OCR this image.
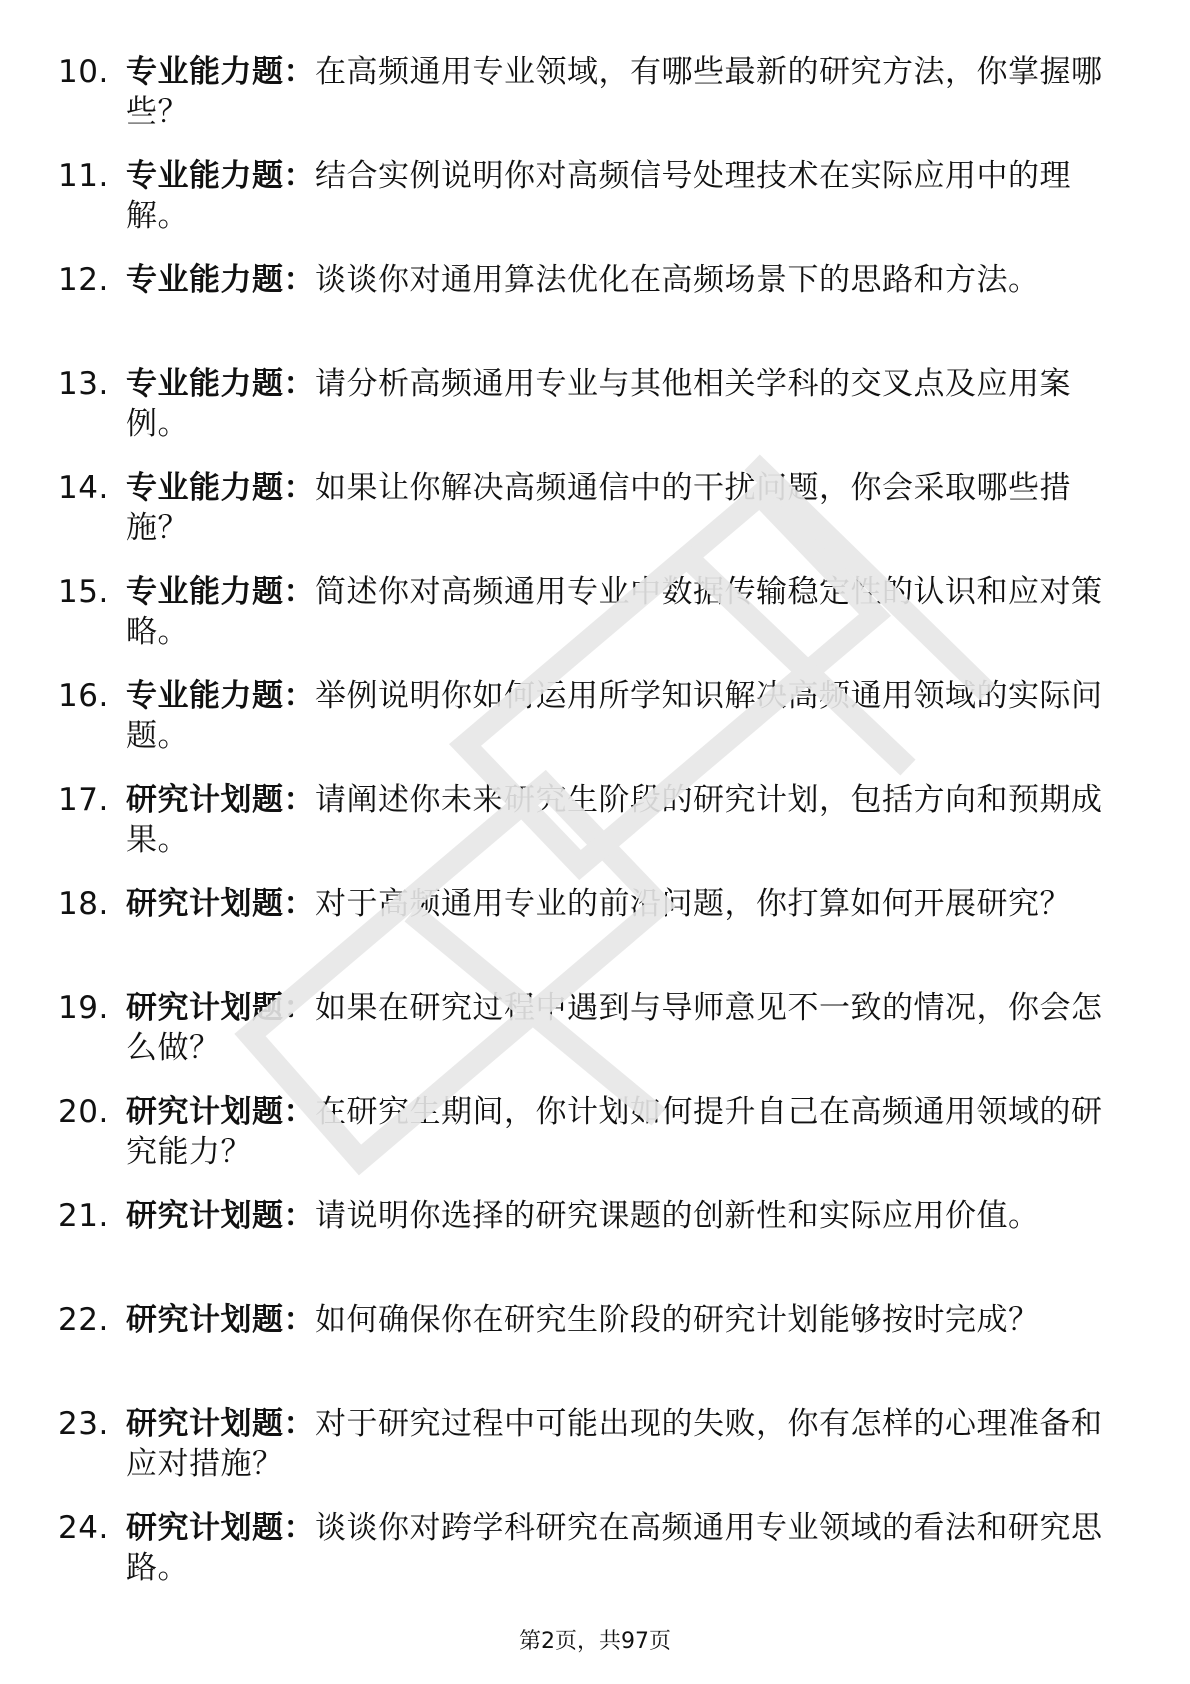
10. 专业能力题：在高频通用专业领域，有哪些最新的研究方法，你掌握哪些？
11. 专业能力题：结合实例说明你对高频信号处理技术在实际应用中的理解。
12. 专业能力题：谈谈你对通用算法优化在高频场景下的思路和方法。
13. 专业能力题：请分析高频通用专业与其他相关学科的交叉点及应用案例。
14. 专业能力题：如果让你解决高频通信中的干扰问题，你会采取哪些措施？
15. 专业能力题：简述你对高频通用专业中数据传输稳定性的认识和应对策略。
16. 专业能力题：举例说明你如何运用所学知识解决高频通用领域的实际问题。
17. 研究计划题：请阐述你未来研究生阶段的研究计划，包括方向和预期成果。
18. 研究计划题：对于高频通用专业的前沿问题，你打算如何开展研究？
19. 研究计划题：如果在研究过程中遇到与导师意见不一致的情况，你会怎么做？
20. 研究计划题：在研究生期间，你计划如何提升自己在高频通用领域的研究能力？
21. 研究计划题：请说明你选择的研究课题的创新性和实际应用价值。
22. 研究计划题：如何确保你在研究生阶段的研究计划能够按时完成？
23. 研究计划题：对于研究过程中可能出现的失败，你有怎样的心理准备和应对措施？
24. 研究计划题：谈谈你对跨学科研究在高频通用专业领域的看法和研究思路。
第2页，共97页
